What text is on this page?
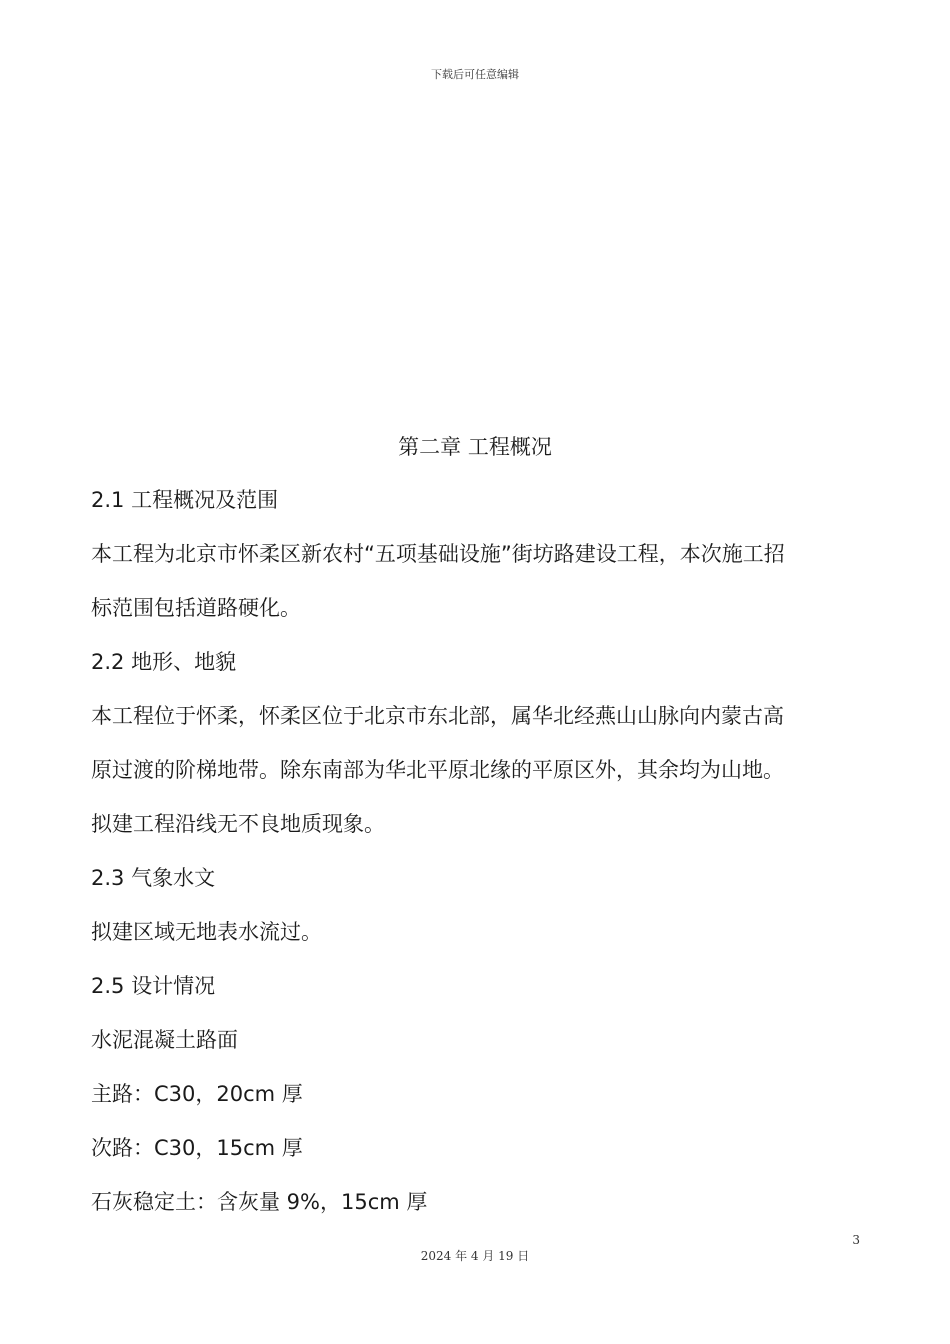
下载后可任意编辑
第二章 工程概况
2.1 工程概况及范围
本工程为北京市怀柔区新农村“五项基础设施”街坊路建设工程，本次施工招
标范围包括道路硬化。
2.2 地形、地貌
本工程位于怀柔，怀柔区位于北京市东北部，属华北经燕山山脉向内蒙古高
原过渡的阶梯地带。除东南部为华北平原北缘的平原区外，其余均为山地。
拟建工程沿线无不良地质现象。
2.3 气象水文
拟建区域无地表水流过。
2.5 设计情况
水泥混凝土路面
主路：C30，20cm 厚
次路：C30，15cm 厚
石灰稳定土：含灰量 9%，15cm 厚
3
2024 年 4 月 19 日
